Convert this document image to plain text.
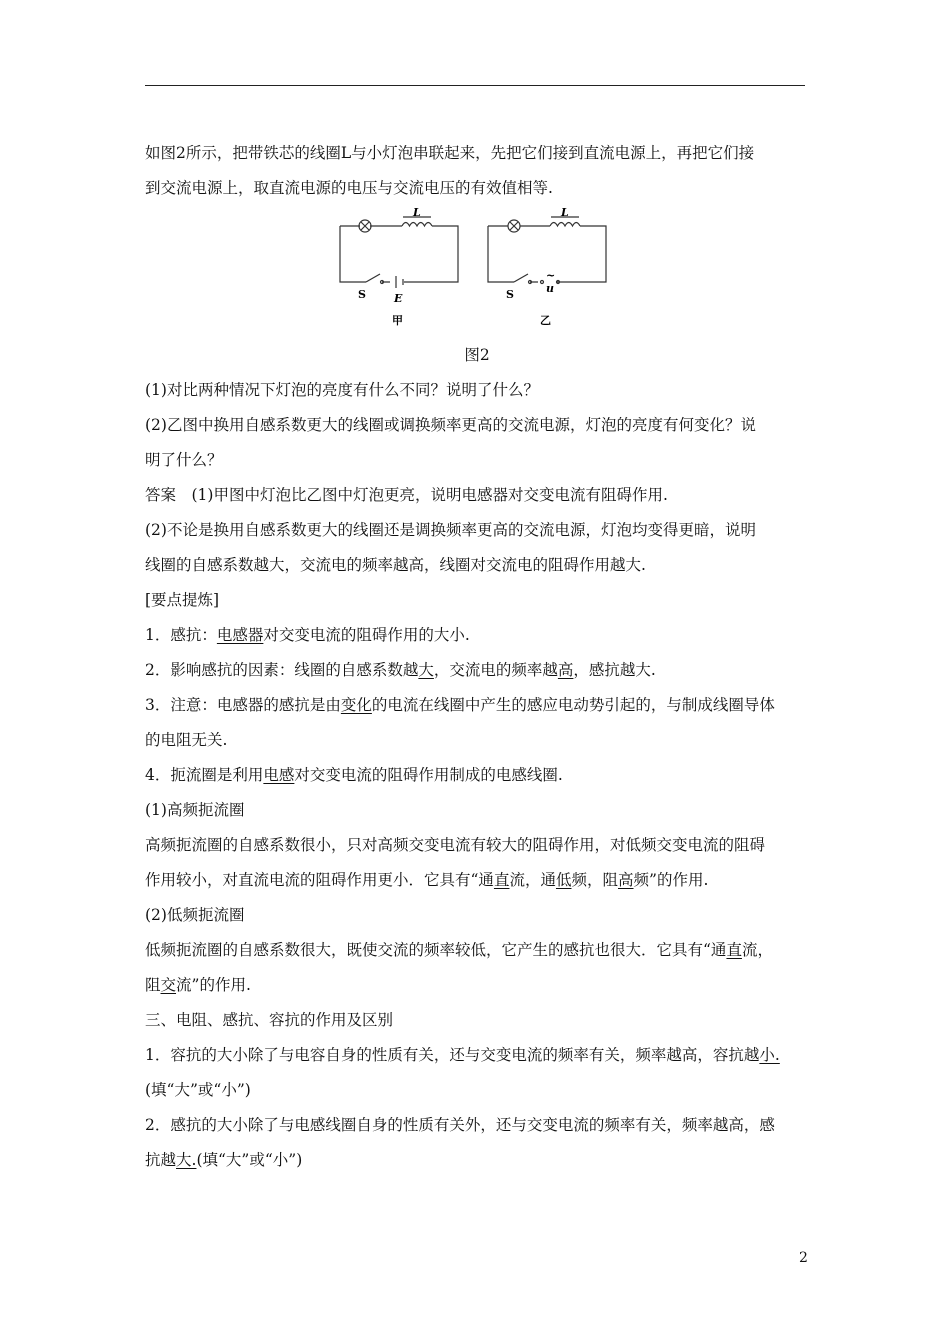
如图2所示，把带铁芯的线圈L与小灯泡串联起来，先把它们接到直流电源上，再把它们接

到交流电源上，取直流电源的电压与交流电压的有效值相等.

L
S	E
甲
L
S
~
u
乙

图2

(1)对比两种情况下灯泡的亮度有什么不同？说明了什么？

(2)乙图中换用自感系数更大的线圈或调换频率更高的交流电源，灯泡的亮度有何变化？说

明了什么？

答案　(1)甲图中灯泡比乙图中灯泡更亮，说明电感器对交变电流有阻碍作用.

(2)不论是换用自感系数更大的线圈还是调换频率更高的交流电源，灯泡均变得更暗，说明

线圈的自感系数越大，交流电的频率越高，线圈对交流电的阻碍作用越大.

[要点提炼]

1．感抗：电感器对交变电流的阻碍作用的大小.

2．影响感抗的因素：线圈的自感系数越大，交流电的频率越高，感抗越大.

3．注意：电感器的感抗是由变化的电流在线圈中产生的感应电动势引起的，与制成线圈导体

的电阻无关.

4．扼流圈是利用电感对交变电流的阻碍作用制成的电感线圈.

(1)高频扼流圈

高频扼流圈的自感系数很小，只对高频交变电流有较大的阻碍作用，对低频交变电流的阻碍

作用较小，对直流电流的阻碍作用更小．它具有“通直流，通低频，阻高频”的作用.

(2)低频扼流圈

低频扼流圈的自感系数很大，既使交流的频率较低，它产生的感抗也很大．它具有“通直流，

阻交流”的作用.

三、电阻、感抗、容抗的作用及区别

1．容抗的大小除了与电容自身的性质有关，还与交变电流的频率有关，频率越高，容抗越小.

(填“大”或“小”)

2．感抗的大小除了与电感线圈自身的性质有关外，还与交变电流的频率有关，频率越高，感

抗越大.(填“大”或“小”)

2
